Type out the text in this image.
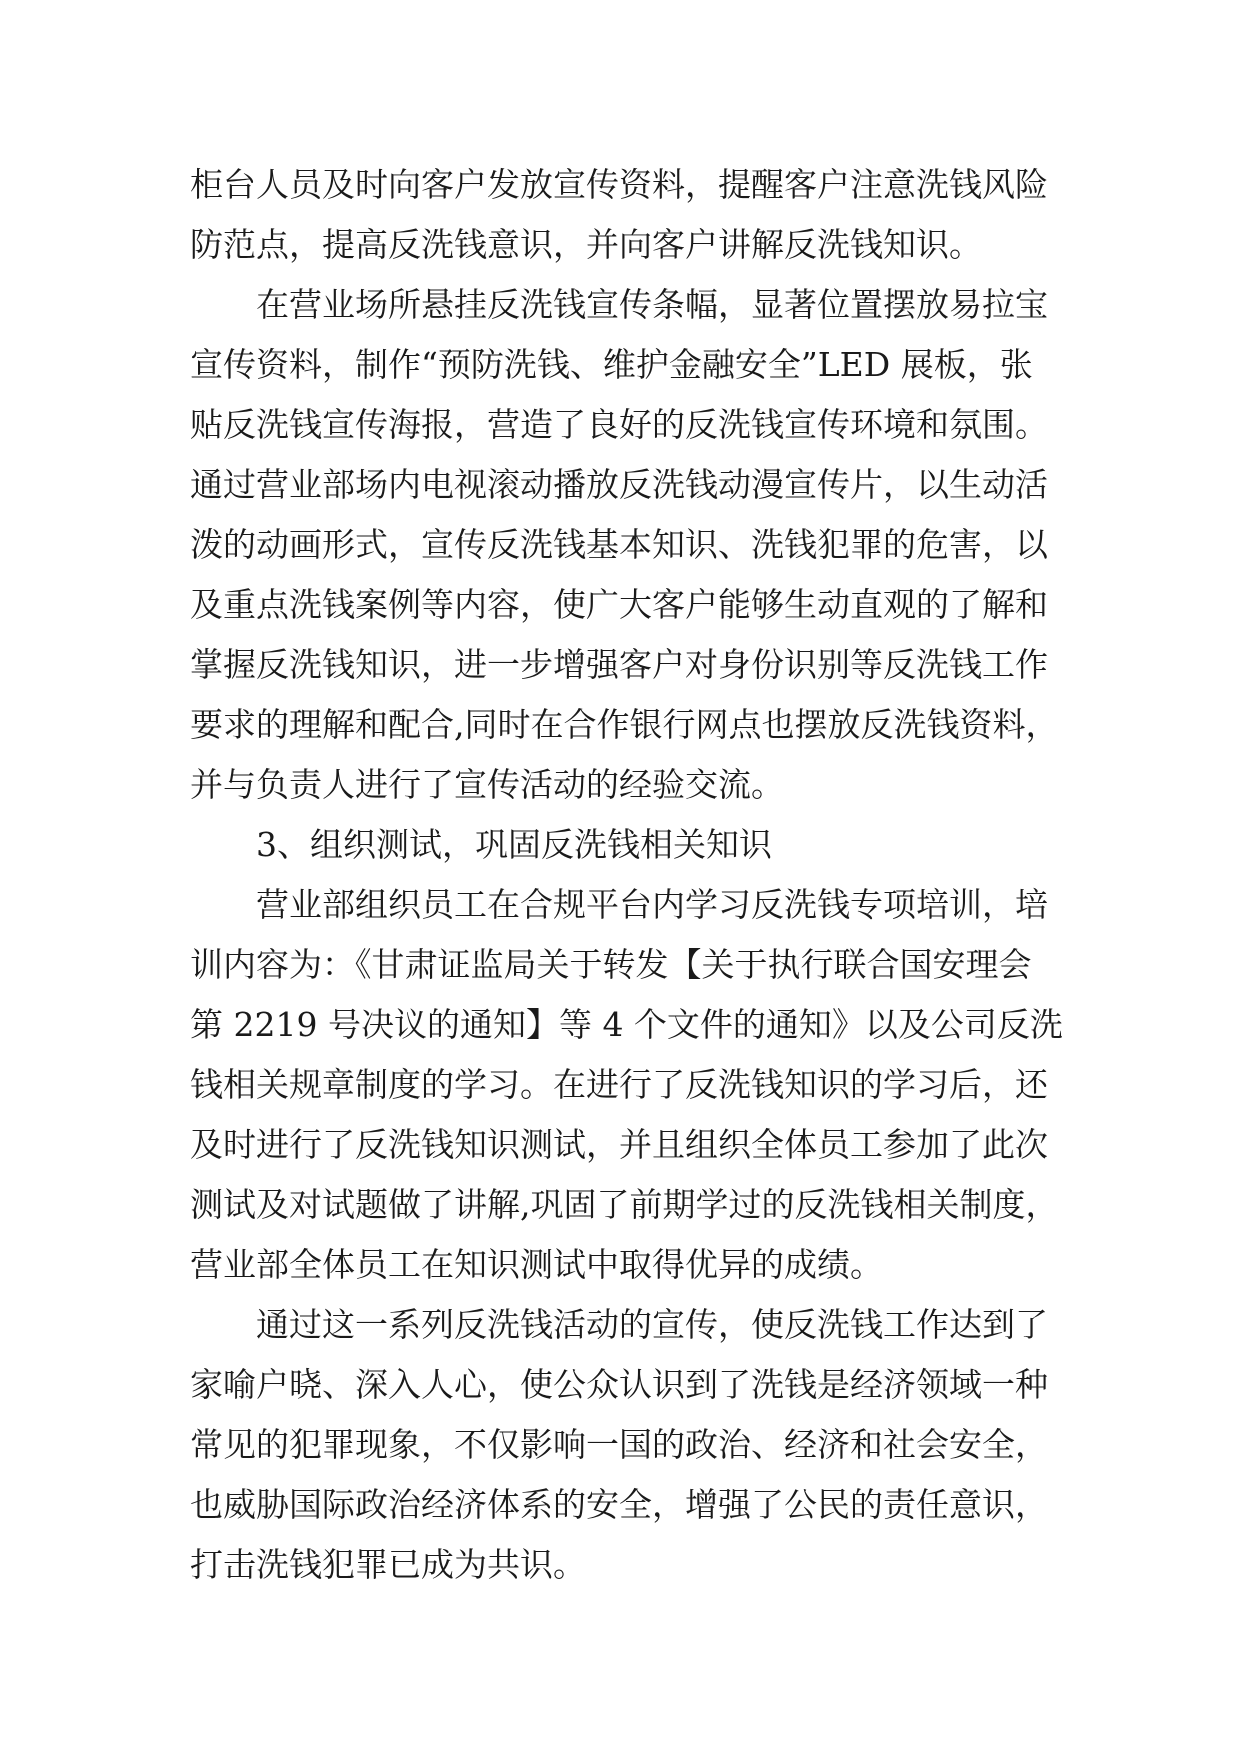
柜台人员及时向客户发放宣传资料，提醒客户注意洗钱风险
防范点，提高反洗钱意识，并向客户讲解反洗钱知识。
在营业场所悬挂反洗钱宣传条幅，显著位置摆放易拉宝
宣传资料，制作“预防洗钱、维护金融安全”LED 展板，张
贴反洗钱宣传海报，营造了良好的反洗钱宣传环境和氛围。
通过营业部场内电视滚动播放反洗钱动漫宣传片，以生动活
泼的动画形式，宣传反洗钱基本知识、洗钱犯罪的危害，以
及重点洗钱案例等内容，使广大客户能够生动直观的了解和
掌握反洗钱知识，进一步增强客户对身份识别等反洗钱工作
要求的理解和配合,同时在合作银行网点也摆放反洗钱资料，
并与负责人进行了宣传活动的经验交流。
3、组织测试，巩固反洗钱相关知识
营业部组织员工在合规平台内学习反洗钱专项培训，培
训内容为：《甘肃证监局关于转发【关于执行联合国安理会
第 2219 号决议的通知】等 4 个文件的通知》以及公司反洗
钱相关规章制度的学习。在进行了反洗钱知识的学习后，还
及时进行了反洗钱知识测试，并且组织全体员工参加了此次
测试及对试题做了讲解,巩固了前期学过的反洗钱相关制度，
营业部全体员工在知识测试中取得优异的成绩。
通过这一系列反洗钱活动的宣传，使反洗钱工作达到了
家喻户晓、深入人心，使公众认识到了洗钱是经济领域一种
常见的犯罪现象，不仅影响一国的政治、经济和社会安全，
也威胁国际政治经济体系的安全，增强了公民的责任意识，
打击洗钱犯罪已成为共识。
